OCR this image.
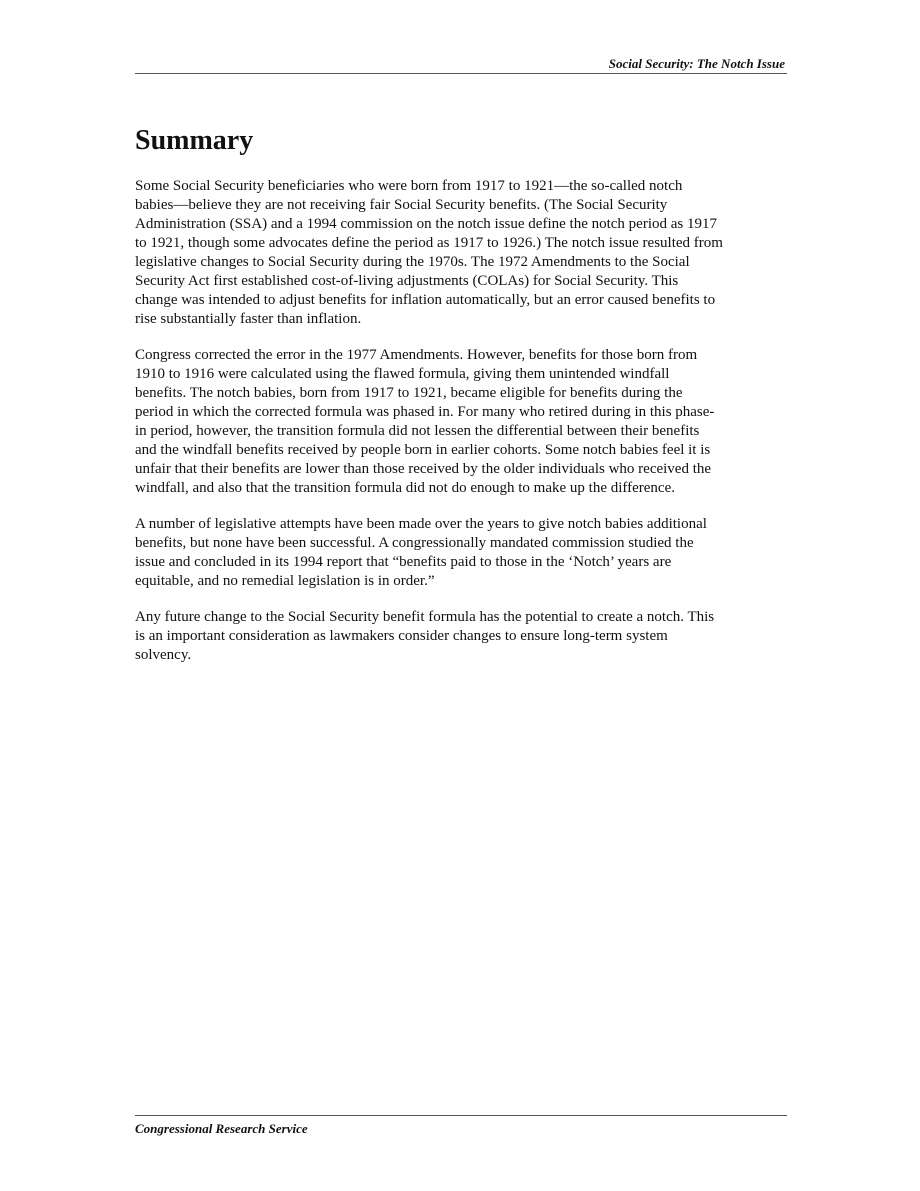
Social Security: The Notch Issue
Summary

Some Social Security beneficiaries who were born from 1917 to 1921—the so-called notch
babies—believe they are not receiving fair Social Security benefits. (The Social Security
Administration (SSA) and a 1994 commission on the notch issue define the notch period as 1917
to 1921, though some advocates define the period as 1917 to 1926.) The notch issue resulted from
legislative changes to Social Security during the 1970s. The 1972 Amendments to the Social
Security Act first established cost-of-living adjustments (COLAs) for Social Security. This
change was intended to adjust benefits for inflation automatically, but an error caused benefits to
rise substantially faster than inflation.

Congress corrected the error in the 1977 Amendments. However, benefits for those born from
1910 to 1916 were calculated using the flawed formula, giving them unintended windfall
benefits. The notch babies, born from 1917 to 1921, became eligible for benefits during the
period in which the corrected formula was phased in. For many who retired during in this phase-
in period, however, the transition formula did not lessen the differential between their benefits
and the windfall benefits received by people born in earlier cohorts. Some notch babies feel it is
unfair that their benefits are lower than those received by the older individuals who received the
windfall, and also that the transition formula did not do enough to make up the difference.

A number of legislative attempts have been made over the years to give notch babies additional
benefits, but none have been successful. A congressionally mandated commission studied the
issue and concluded in its 1994 report that “benefits paid to those in the ‘Notch’ years are
equitable, and no remedial legislation is in order.”

Any future change to the Social Security benefit formula has the potential to create a notch. This
is an important consideration as lawmakers consider changes to ensure long-term system
solvency.

Congressional Research Service
